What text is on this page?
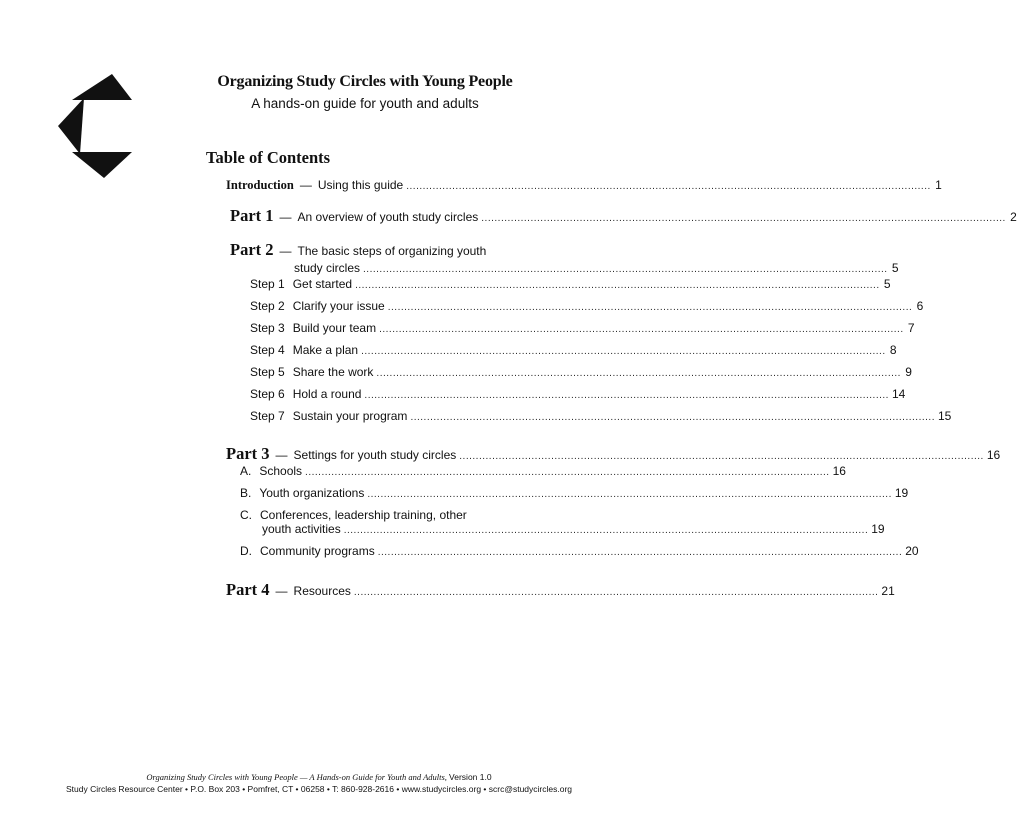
Organizing Study Circles with Young People
A hands-on guide for youth and adults
Table of Contents
Introduction — Using this guide ................................................................................................................................................................ 1
Part 1 — An overview of youth study circles ................................................................................................................................................................ 2
Part 2 — The basic steps of organizing youth
study circles ................................................................................................................................................................ 5
Step 1 Get started ................................................................................................................................................................ 5
Step 2 Clarify your issue ................................................................................................................................................................ 6
Step 3 Build your team ................................................................................................................................................................ 7
Step 4 Make a plan ................................................................................................................................................................ 8
Step 5 Share the work ................................................................................................................................................................ 9
Step 6 Hold a round ................................................................................................................................................................ 14
Step 7 Sustain your program ................................................................................................................................................................ 15
Part 3 — Settings for youth study circles ................................................................................................................................................................ 16
A. Schools ................................................................................................................................................................ 16
B. Youth organizations ................................................................................................................................................................ 19
C. Conferences, leadership training, other
youth activities ................................................................................................................................................................ 19
D. Community programs ................................................................................................................................................................ 20
Part 4 — Resources ................................................................................................................................................................ 21
Organizing Study Circles with Young People — A Hands-on Guide for Youth and Adults, Version 1.0
Study Circles Resource Center • P.O. Box 203 • Pomfret, CT • 06258 • T: 860-928-2616 • www.studycircles.org • scrc@studycircles.org
